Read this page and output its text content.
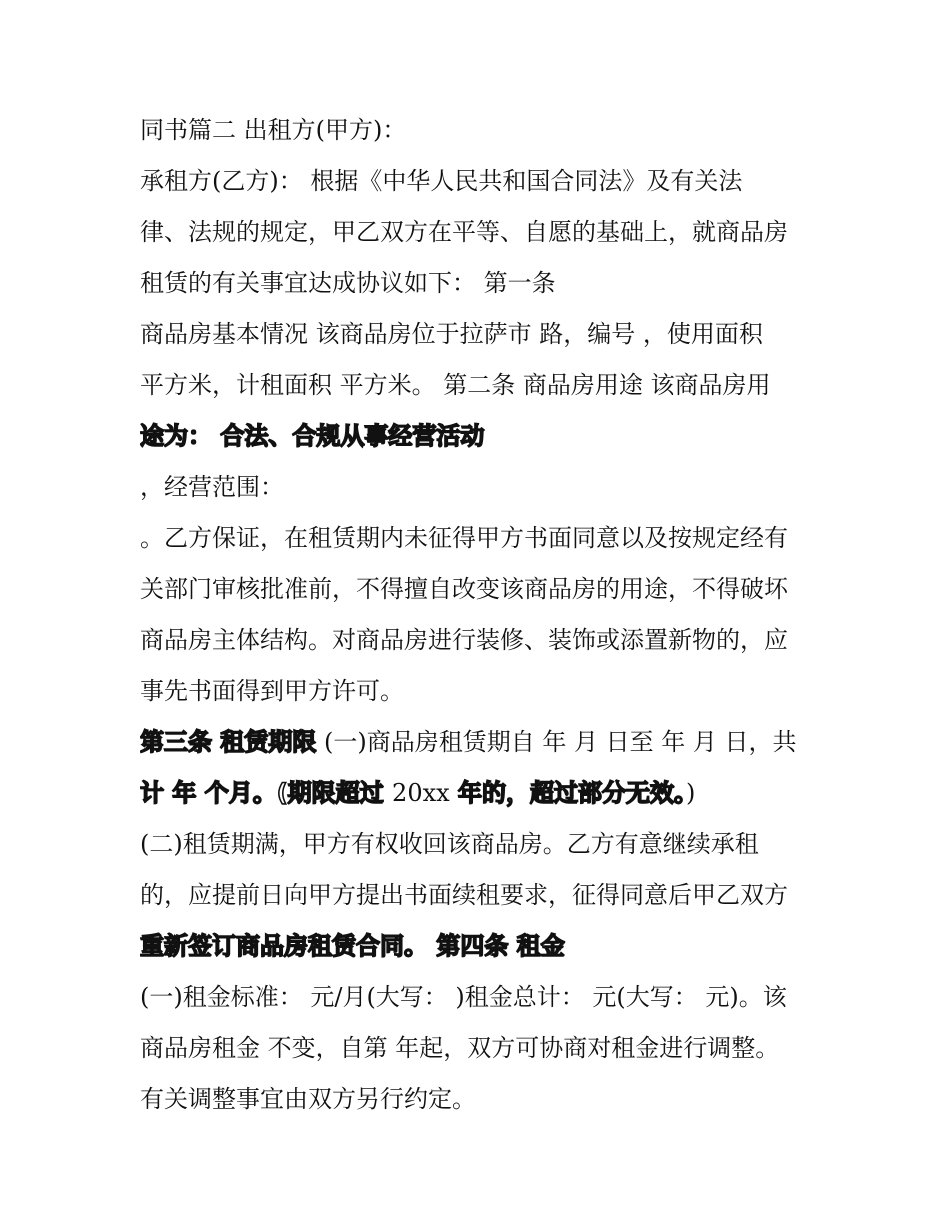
同书篇二 出租方(甲方)：
承租方(乙方)： 根据《中华人民共和国合同法》及有关法
律、法规的规定，甲乙双方在平等、自愿的基础上，就商品房
租赁的有关事宜达成协议如下： 第一条
商品房基本情况 该商品房位于拉萨市 路，编号 ，使用面积
平方米，计租面积 平方米。 第二条 商品房用途 该商品房用
途为： 合法、合规从事经营活动
，经营范围：
。乙方保证，在租赁期内未征得甲方书面同意以及按规定经有
关部门审核批准前，不得擅自改变该商品房的用途，不得破坏
商品房主体结构。对商品房进行装修、装饰或添置新物的，应
事先书面得到甲方许可。
第三条 租赁期限 (一)商品房租赁期自 年 月 日至 年 月 日，共
计 年 个月。(期限超过 20xx 年的，超过部分无效。)
(二)租赁期满，甲方有权收回该商品房。乙方有意继续承租
的，应提前日向甲方提出书面续租要求，征得同意后甲乙双方
重新签订商品房租赁合同。 第四条 租金
(一)租金标准： 元/月(大写： )租金总计： 元(大写： 元)。该
商品房租金 不变，自第 年起，双方可协商对租金进行调整。
有关调整事宜由双方另行约定。
